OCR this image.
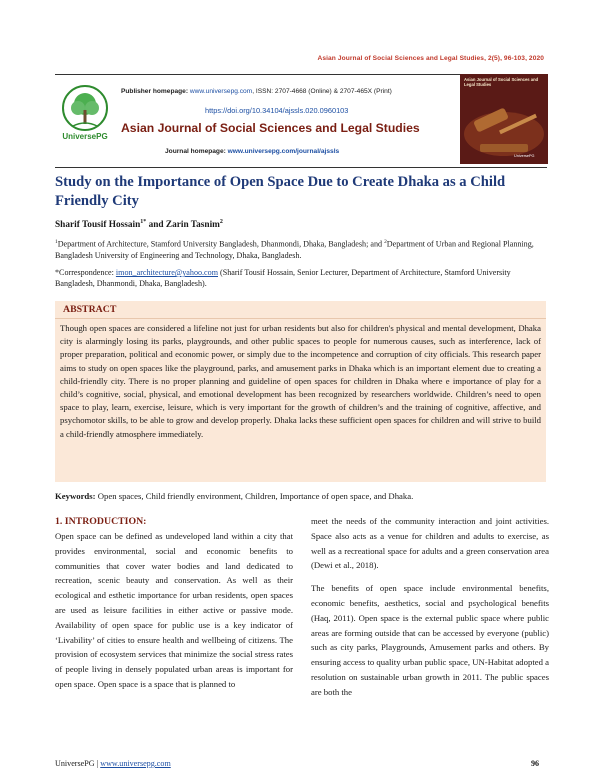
Asian Journal of Social Sciences and Legal Studies, 2(5), 96-103, 2020
UniversePG
Publisher homepage: www.universepg.com, ISSN: 2707-4668 (Online) & 2707-465X (Print)
https://doi.org/10.34104/ajssls.020.0960103
Asian Journal of Social Sciences and Legal Studies
Journal homepage: www.universepg.com/journal/ajssls
Asian Journal of Social Sciences and Legal Studies
UniversePG
Study on the Importance of Open Space Due to Create Dhaka as a Child Friendly City
Sharif Tousif Hossain$^{1*}$ and Zarin Tasnim$^2$
$^1$Department of Architecture, Stamford University Bangladesh, Dhanmondi, Dhaka, Bangladesh; and $^2$Department of Urban and Regional Planning, Bangladesh University of Engineering and Technology, Dhaka, Bangladesh.
*Correspondence: imon_architecture@yahoo.com (Sharif Tousif Hossain, Senior Lecturer, Department of Architecture, Stamford University Bangladesh, Dhanmondi, Dhaka, Bangladesh).
ABSTRACT
Though open spaces are considered a lifeline not just for urban residents but also for children's physical and mental development, Dhaka city is alarmingly losing its parks, playgrounds, and other public spaces to people for numerous causes, such as interference, lack of proper preparation, political and economic power, or simply due to the incompetence and corruption of city officials. This research paper aims to study on open spaces like the playground, parks, and amusement parks in Dhaka which is an important element due to creating a child-friendly city. There is no proper planning and guideline of open spaces for children in Dhaka where e importance of play for a child’s cognitive, social, physical, and emotional development has been recognized by researchers worldwide. Children’s need to open space to play, learn, exercise, leisure, which is very important for the growth of children’s and the training of cognitive, affective, and psychomotor skills, to be able to grow and develop properly. Dhaka lacks these sufficient open spaces for children and will strive to build a child-friendly atmosphere immediately.
Keywords: Open spaces, Child friendly environment, Children, Importance of open space, and Dhaka.
1. INTRODUCTION:

Open space can be defined as undeveloped land within a city that provides environmental, social and economic benefits to communities that cover water bodies and land dedicated to recreation, scenic beauty and conservation. As well as their ecological and esthetic importance for urban residents, open spaces are used as leisure facilities in either active or passive mode. Availability of open space for public use is a key indicator of ‘Livability’ of cities to ensure health and wellbeing of citizens. The provision of ecosystem services that minimize the social stress rates of people living in densely populated urban areas is important for open space. Open space is a space that is planned to

meet the needs of the community interaction and joint activities. Space also acts as a venue for children and adults to exercise, as well as a recreational space for adults and a green conservation area (Dewi et al., 2018).

The benefits of open space include environmental benefits, economic benefits, aesthetics, social and psychological benefits (Haq, 2011). Open space is the external public space where public areas are forming outside that can be accessed by everyone (public) such as city parks, Playgrounds, Amusement parks and others. By ensuring access to quality urban public space, UN-Habitat adopted a resolution on sustainable urban growth in 2011. The public spaces are both the

UniversePG | www.universepg.com	96
